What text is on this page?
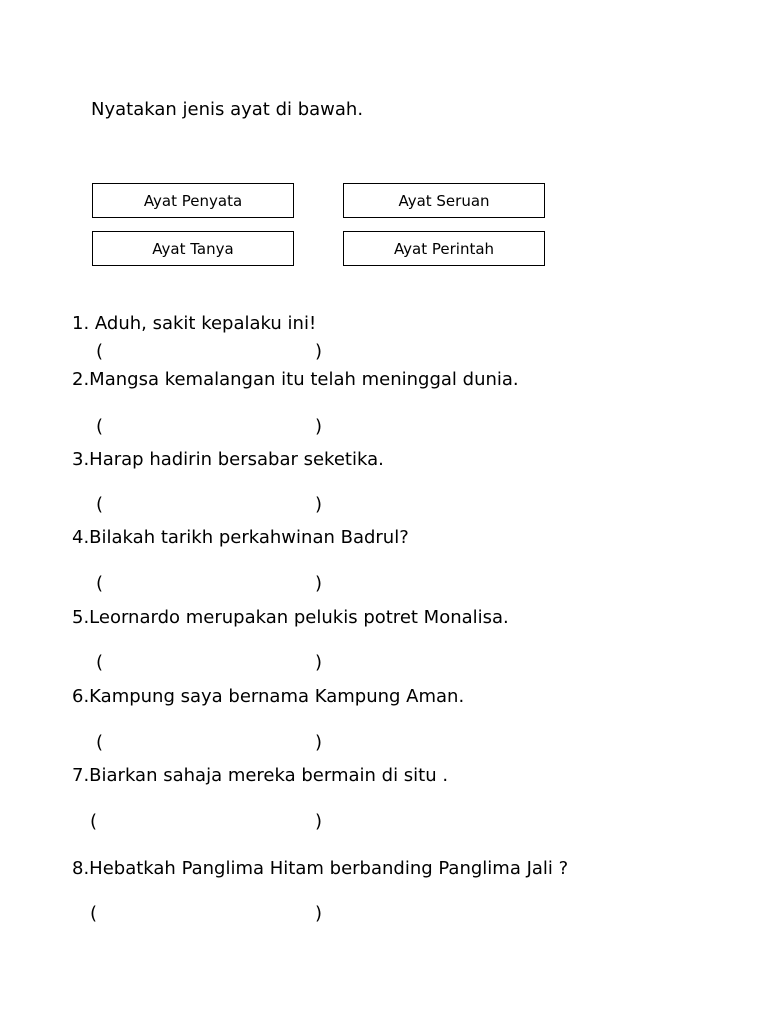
Nyatakan jenis ayat di bawah.
Ayat Penyata	Ayat Seruan
Ayat Tanya	Ayat Perintah
1. Aduh, sakit kepalaku ini!
(	)
2.Mangsa kemalangan itu telah meninggal dunia.
(	)
3.Harap hadirin bersabar seketika.
(	)
4.Bilakah tarikh perkahwinan Badrul?
(	)
5.Leornardo merupakan pelukis potret Monalisa.
(	)
6.Kampung saya bernama Kampung Aman.
(	)
7.Biarkan sahaja mereka bermain di situ .
(	)
8.Hebatkah Panglima Hitam berbanding Panglima Jali ?
(	)
